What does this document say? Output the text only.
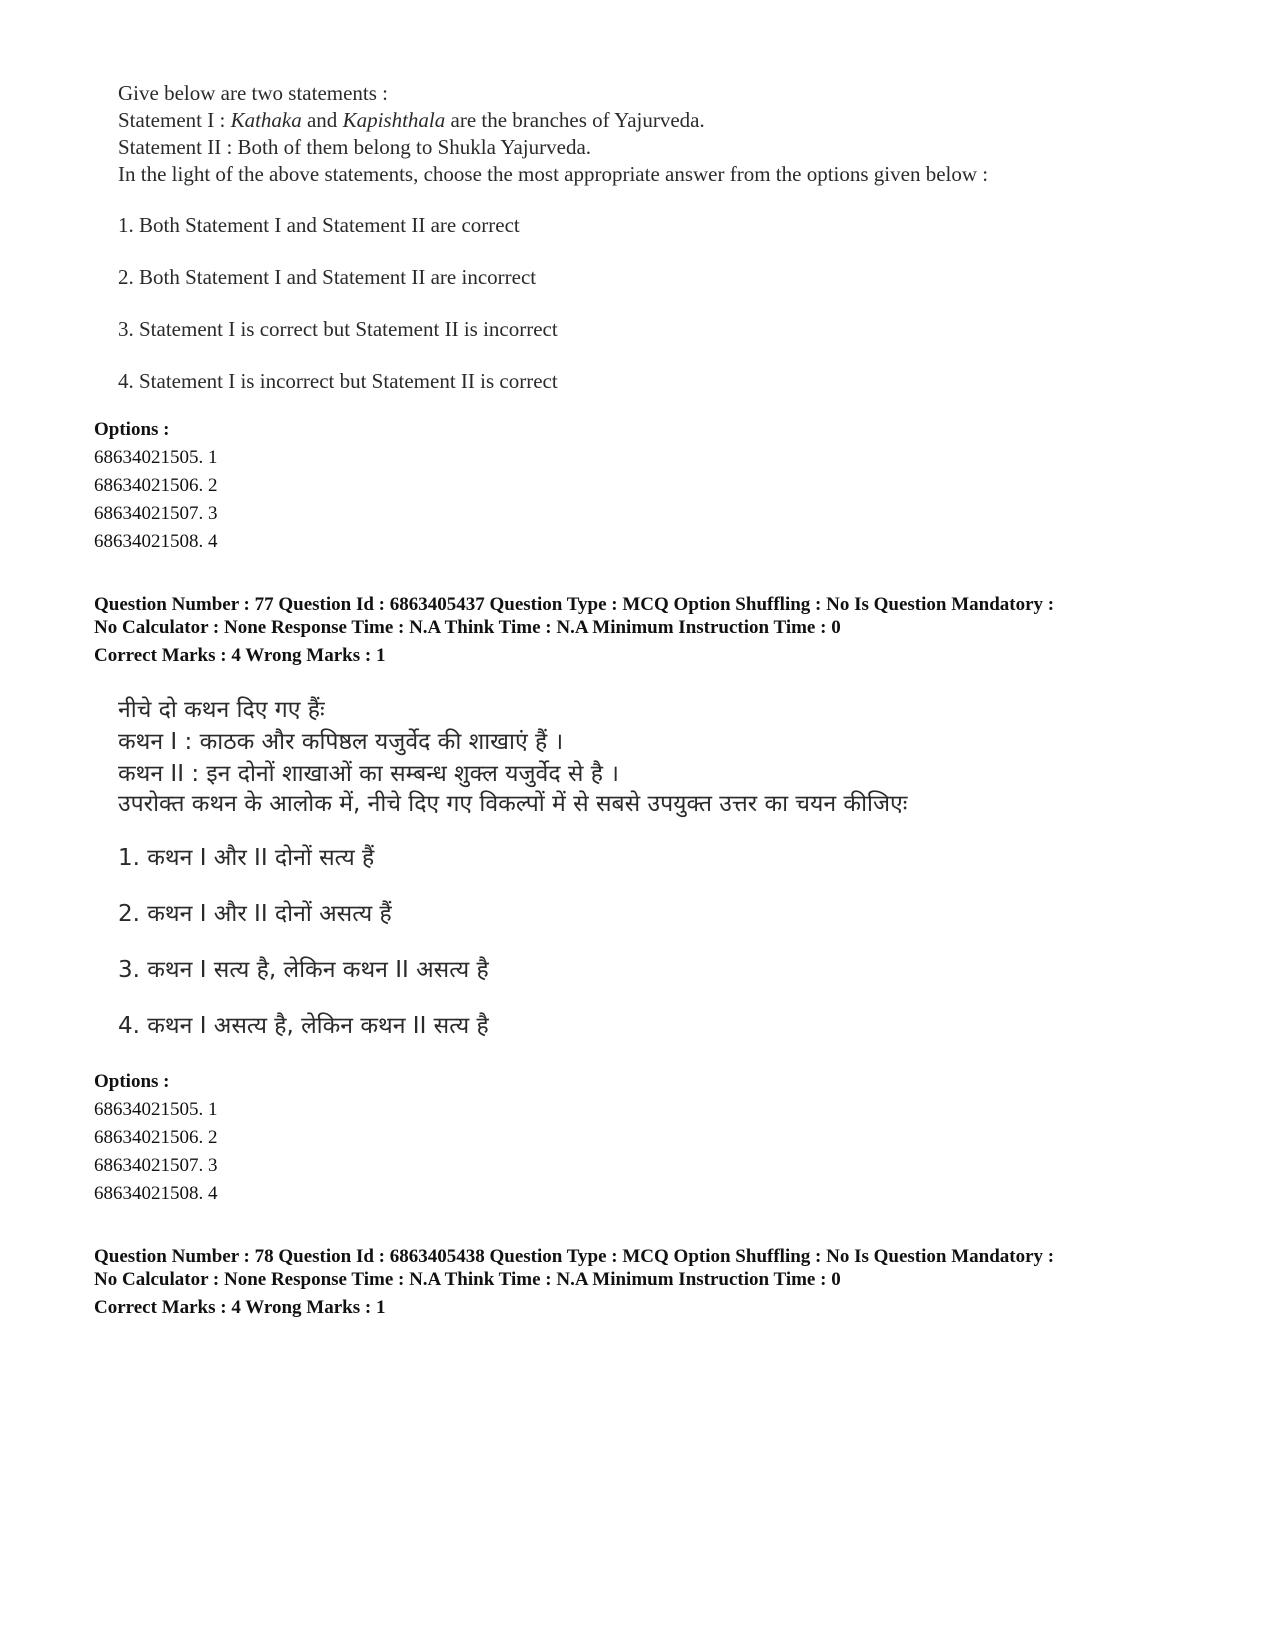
Give below are two statements :
Statement I : Kathaka and Kapishthala are the branches of Yajurveda.
Statement II : Both of them belong to Shukla Yajurveda.
In the light of the above statements, choose the most appropriate answer from the options given below :
1. Both Statement I and Statement II are correct
2. Both Statement I and Statement II are incorrect
3. Statement I is correct but Statement II is incorrect
4. Statement I is incorrect but Statement II is correct
Options :
68634021505. 1
68634021506. 2
68634021507. 3
68634021508. 4
Question Number : 77 Question Id : 6863405437 Question Type : MCQ Option Shuffling : No Is Question Mandatory :
No Calculator : None Response Time : N.A Think Time : N.A Minimum Instruction Time : 0
Correct Marks : 4 Wrong Marks : 1
नीचे दो कथन दिए गए हैंः
कथन I : काठक और कपिष्ठल यजुर्वेद की शाखाएं हैं ।
कथन II : इन दोनों शाखाओं का सम्बन्ध शुक्ल यजुर्वेद से है ।
उपरोक्त कथन के आलोक में, नीचे दिए गए विकल्पों में से सबसे उपयुक्त उत्तर का चयन कीजिएः
1. कथन I और II दोनों सत्य हैं
2. कथन I और II दोनों असत्य हैं
3. कथन I सत्य है, लेकिन कथन II असत्य है
4. कथन I असत्य है, लेकिन कथन II सत्य है
Options :
68634021505. 1
68634021506. 2
68634021507. 3
68634021508. 4
Question Number : 78 Question Id : 6863405438 Question Type : MCQ Option Shuffling : No Is Question Mandatory :
No Calculator : None Response Time : N.A Think Time : N.A Minimum Instruction Time : 0
Correct Marks : 4 Wrong Marks : 1
